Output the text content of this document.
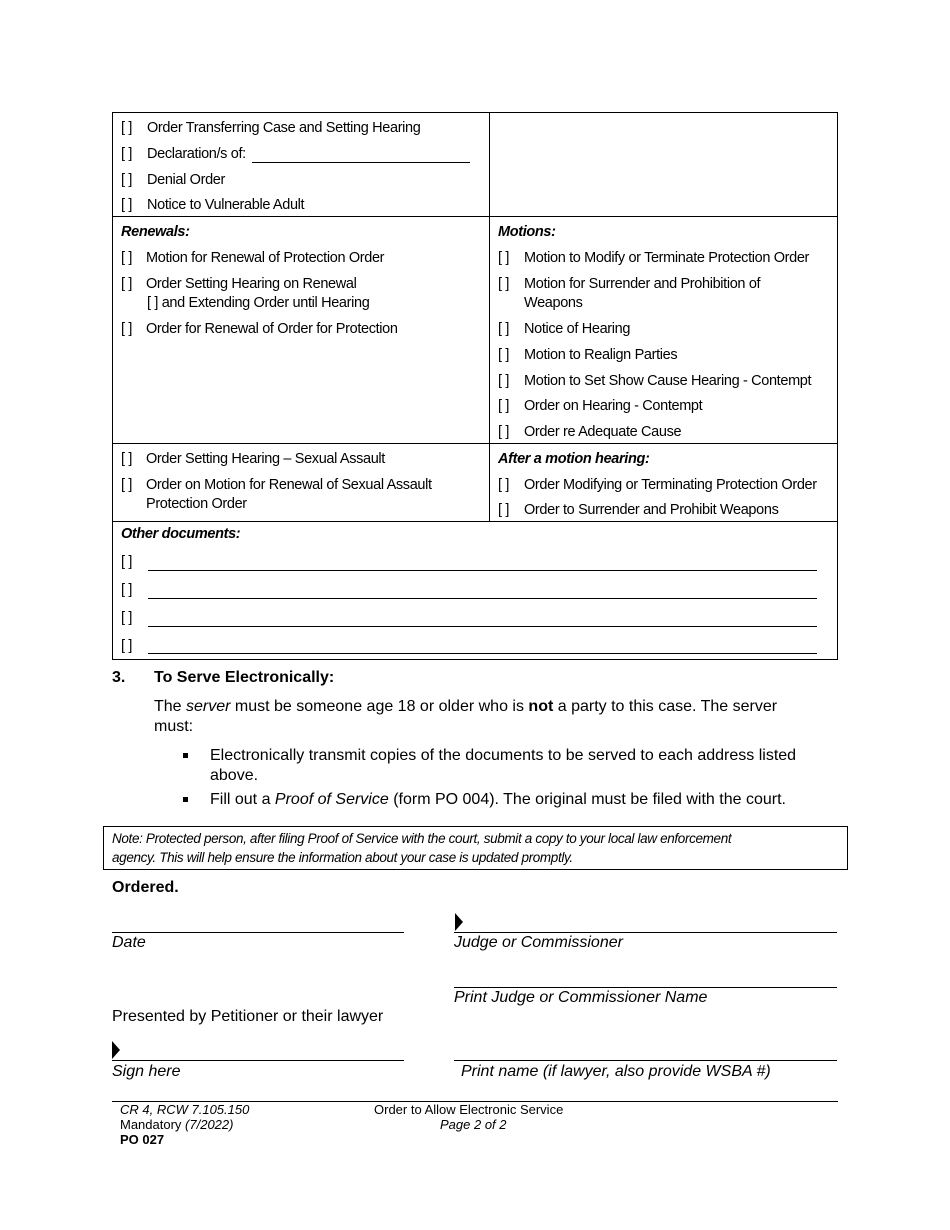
[ ] Order Transferring Case and Setting Hearing
[ ] Declaration/s of:
[ ] Denial Order
[ ] Notice to Vulnerable Adult
Renewals:
[ ] Motion for Renewal of Protection Order
[ ] Order Setting Hearing on Renewal
[ ] and Extending Order until Hearing
[ ] Order for Renewal of Order for Protection
Motions:
[ ] Motion to Modify or Terminate Protection Order
[ ] Motion for Surrender and Prohibition of
Weapons
[ ] Notice of Hearing
[ ] Motion to Realign Parties
[ ] Motion to Set Show Cause Hearing - Contempt
[ ] Order on Hearing - Contempt
[ ] Order re Adequate Cause
[ ] Order Setting Hearing – Sexual Assault
[ ] Order on Motion for Renewal of Sexual Assault
Protection Order
After a motion hearing:
[ ] Order Modifying or Terminating Protection Order
[ ] Order to Surrender and Prohibit Weapons
Other documents:
[ ]
[ ]
[ ]
[ ]
3. To Serve Electronically:
The server must be someone age 18 or older who is not a party to this case. The server
must:
Electronically transmit copies of the documents to be served to each address listed
above.
Fill out a Proof of Service (form PO 004). The original must be filed with the court.
Note: Protected person, after filing Proof of Service with the court, submit a copy to your local law enforcement
agency. This will help ensure the information about your case is updated promptly.
Ordered.
Date	Judge or Commissioner
Print Judge or Commissioner Name
Presented by Petitioner or their lawyer
Sign here	Print name (if lawyer, also provide WSBA #)
CR 4, RCW 7.105.150
Mandatory (7/2022)
PO 027
Order to Allow Electronic Service
Page 2 of 2
